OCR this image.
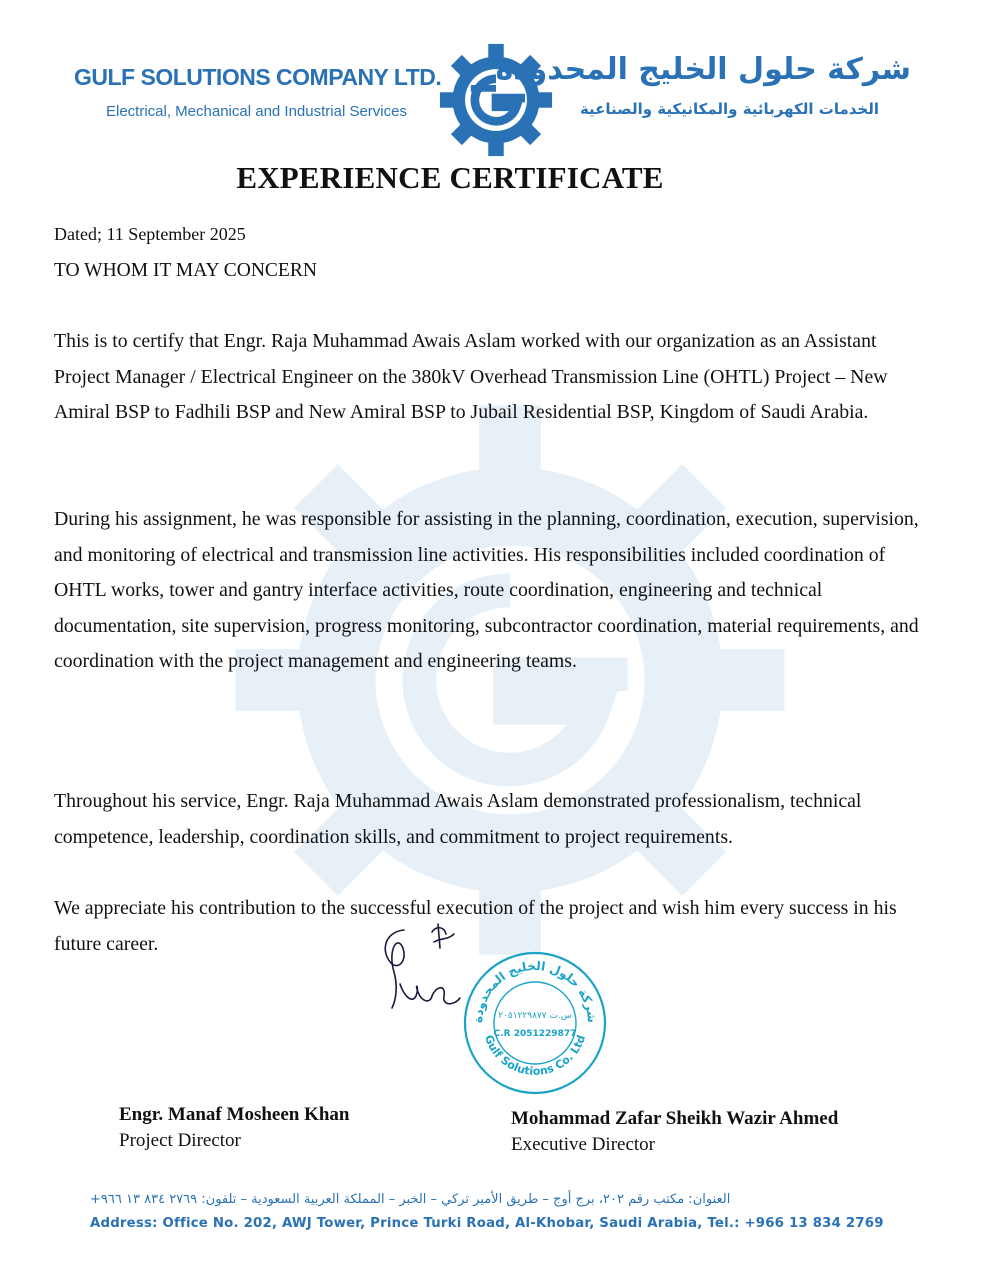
GULF SOLUTIONS COMPANY LTD.
Electrical, Mechanical and Industrial Services
شركة حلول الخليج المحدودة
الخدمات الكهربائية والمكانيكية والصناعية
EXPERIENCE CERTIFICATE
Dated; 11 September 2025
TO WHOM IT MAY CONCERN

This is to certify that Engr. Raja Muhammad Awais Aslam worked with our organization as an Assistant Project Manager / Electrical Engineer on the 380kV Overhead Transmission Line (OHTL) Project – New Amiral BSP to Fadhili BSP and New Amiral BSP to Jubail Residential BSP, Kingdom of Saudi Arabia.

During his assignment, he was responsible for assisting in the planning, coordination, execution, supervision, and monitoring of electrical and transmission line activities. His responsibilities included coordination of OHTL works, tower and gantry interface activities, route coordination, engineering and technical documentation, site supervision, progress monitoring, subcontractor coordination, material requirements, and coordination with the project management and engineering teams.

Throughout his service, Engr. Raja Muhammad Awais Aslam demonstrated professionalism, technical competence, leadership, coordination skills, and commitment to project requirements.

We appreciate his contribution to the successful execution of the project and wish him every success in his future career.

شركة حلول الخليج المحدودة
Gulf Solutions Co. Ltd
س.ت ٢٠٥١٢٢٩٨٧٧
C.R 2051229877
Engr. Manaf Mosheen Khan
Project Director
Mohammad Zafar Sheikh Wazir Ahmed
Executive Director
العنوان: مكتب رقم ٢٠٢، برج أوج – طريق الأمير تركي – الخبر – المملكة العربية السعودية – تلفون: ٢٧٦٩ ٨٣٤ ١٣ ٩٦٦+
Address: Office No. 202, AWJ Tower, Prince Turki Road, Al-Khobar, Saudi Arabia, Tel.: +966 13 834 2769
